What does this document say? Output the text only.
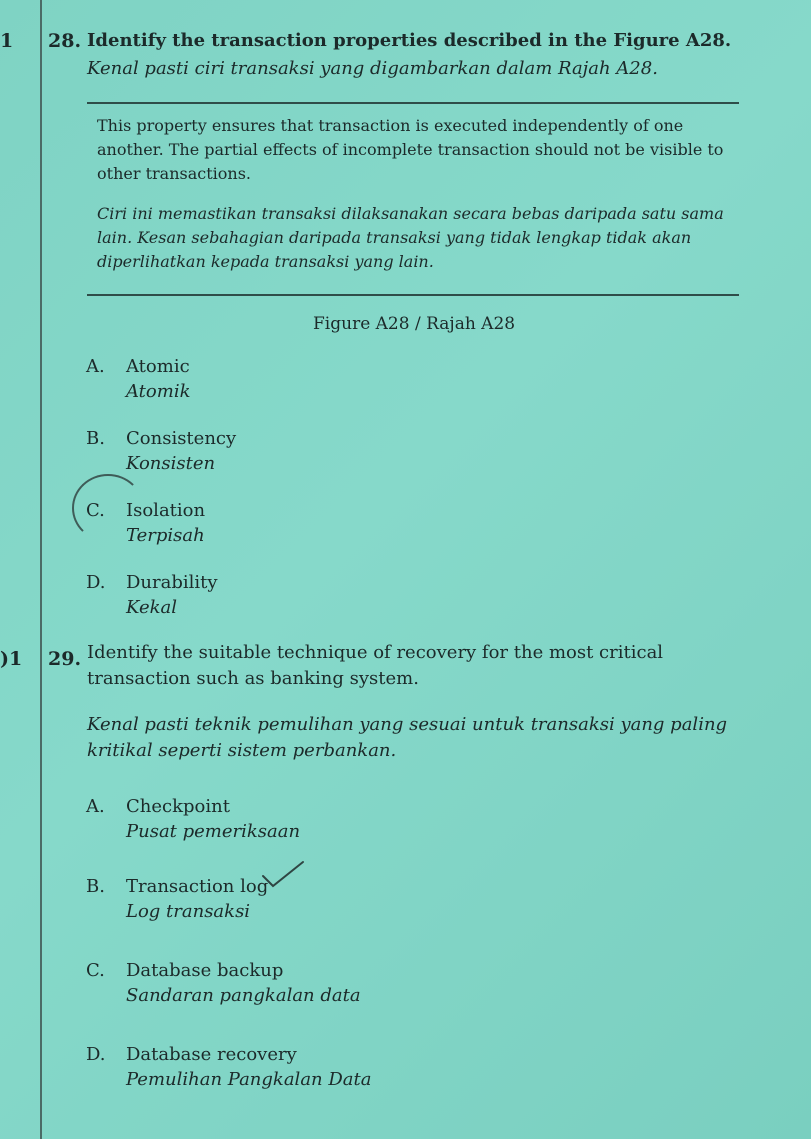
1
)1
28. Identify the transaction properties described in the Figure A28.
Kenal pasti ciri transaksi yang digambarkan dalam Rajah A28.
This property ensures that transaction is executed independently of one another. The partial effects of incomplete transaction should not be visible to other transactions.
Ciri ini memastikan transaksi dilaksanakan secara bebas daripada satu sama lain. Kesan sebahagian daripada transaksi yang tidak lengkap tidak akan diperlihatkan kepada transaksi yang lain.
Figure A28 / Rajah A28
A. Atomic
Atomik
B. Consistency
Konsisten
C. Isolation
Terpisah
D. Durability
Kekal
29. Identify the suitable technique of recovery for the most critical transaction such as banking system.
Kenal pasti teknik pemulihan yang sesuai untuk transaksi yang paling kritikal seperti sistem perbankan.
A. Checkpoint
Pusat pemeriksaan
B. Transaction log
Log transaksi
C. Database backup
Sandaran pangkalan data
D. Database recovery
Pemulihan Pangkalan Data
